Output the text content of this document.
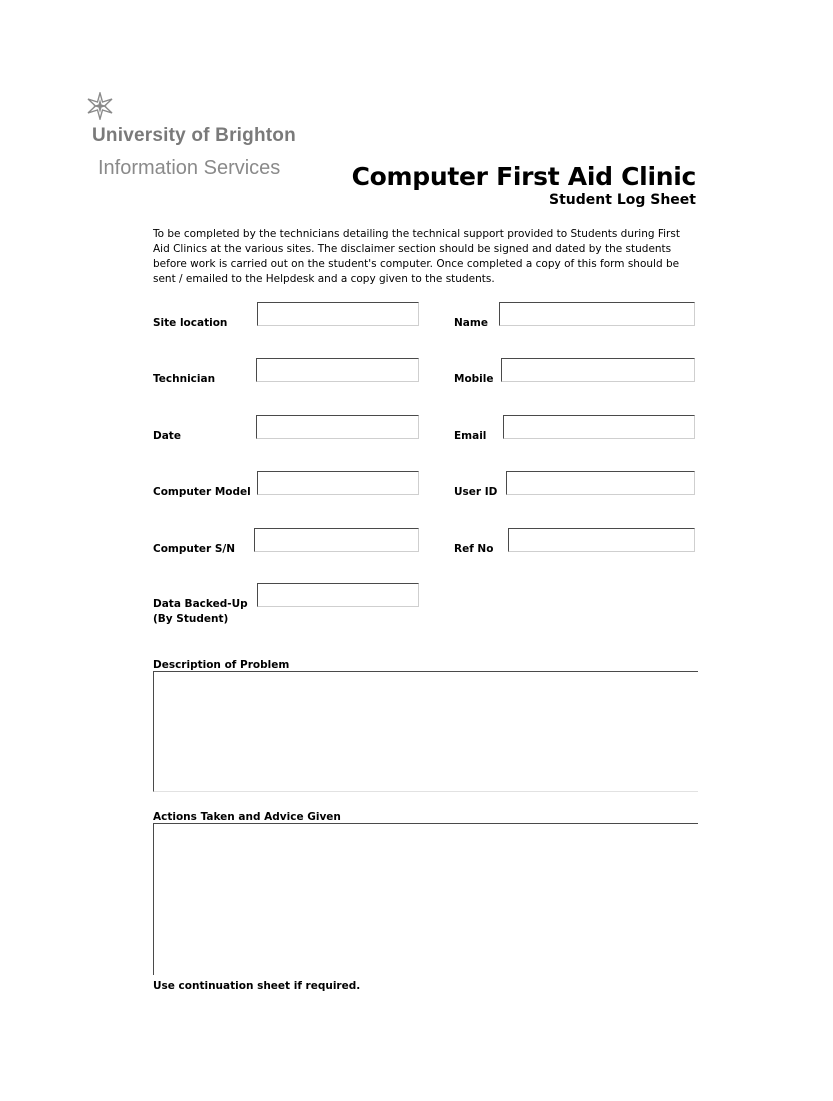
University of Brighton
Information Services	Computer First Aid Clinic
Student Log Sheet
To be completed by the technicians detailing the technical support provided to Students during First Aid Clinics at the various sites. The disclaimer section should be signed and dated by the students before work is carried out on the student's computer. Once completed a copy of this form should be sent / emailed to the Helpdesk and a copy given to the students.
Site location	Name
Technician	Mobile
Date	Email
Computer Model	User ID
Computer S/N	Ref No
Data Backed-Up
(By Student)
Description of Problem
Actions Taken and Advice Given
Use continuation sheet if required.
